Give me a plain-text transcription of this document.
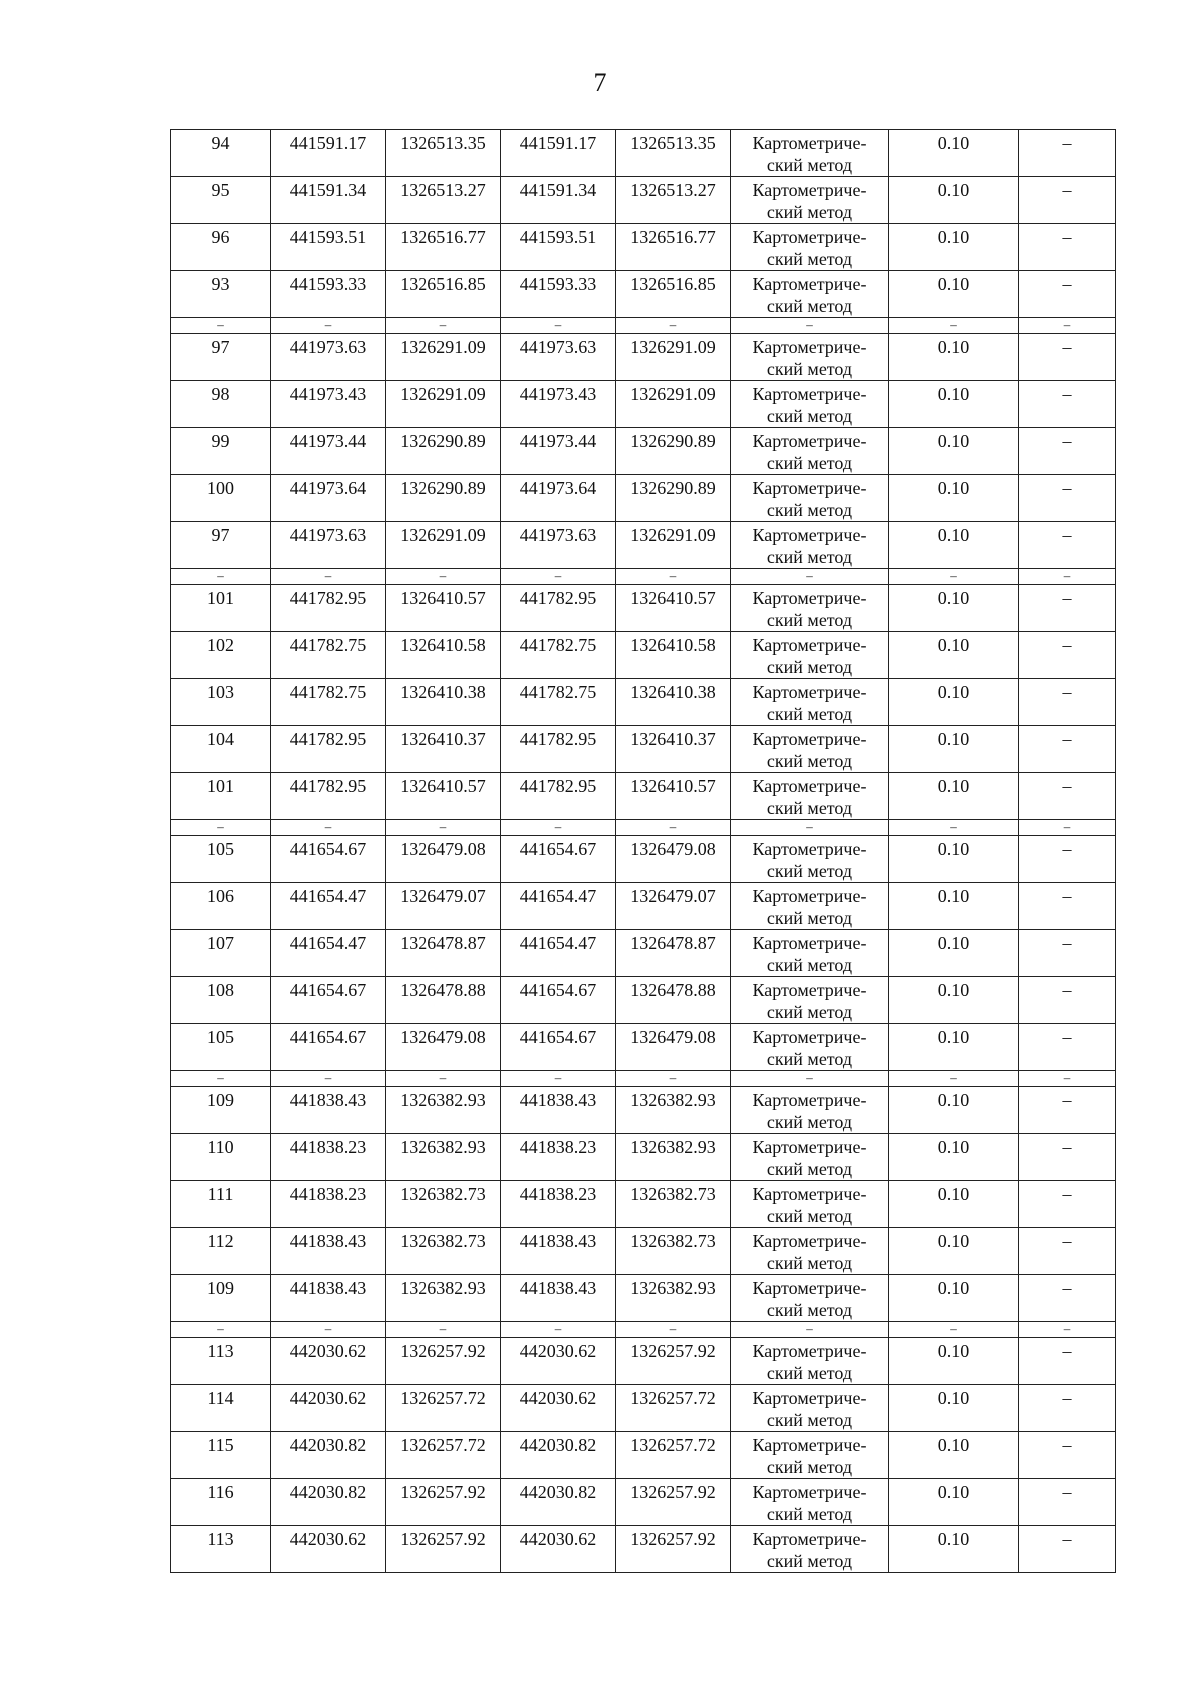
7
94	441591.17	1326513.35	441591.17	1326513.35	Картометриче-
ский метод	0.10	–
95	441591.34	1326513.27	441591.34	1326513.27	Картометриче-
ский метод	0.10	–
96	441593.51	1326516.77	441593.51	1326516.77	Картометриче-
ский метод	0.10	–
93	441593.33	1326516.85	441593.33	1326516.85	Картометриче-
ский метод	0.10	–
–	–	–	–	–	–	–	–
97	441973.63	1326291.09	441973.63	1326291.09	Картометриче-
ский метод	0.10	–
98	441973.43	1326291.09	441973.43	1326291.09	Картометриче-
ский метод	0.10	–
99	441973.44	1326290.89	441973.44	1326290.89	Картометриче-
ский метод	0.10	–
100	441973.64	1326290.89	441973.64	1326290.89	Картометриче-
ский метод	0.10	–
97	441973.63	1326291.09	441973.63	1326291.09	Картометриче-
ский метод	0.10	–
–	–	–	–	–	–	–	–
101	441782.95	1326410.57	441782.95	1326410.57	Картометриче-
ский метод	0.10	–
102	441782.75	1326410.58	441782.75	1326410.58	Картометриче-
ский метод	0.10	–
103	441782.75	1326410.38	441782.75	1326410.38	Картометриче-
ский метод	0.10	–
104	441782.95	1326410.37	441782.95	1326410.37	Картометриче-
ский метод	0.10	–
101	441782.95	1326410.57	441782.95	1326410.57	Картометриче-
ский метод	0.10	–
–	–	–	–	–	–	–	–
105	441654.67	1326479.08	441654.67	1326479.08	Картометриче-
ский метод	0.10	–
106	441654.47	1326479.07	441654.47	1326479.07	Картометриче-
ский метод	0.10	–
107	441654.47	1326478.87	441654.47	1326478.87	Картометриче-
ский метод	0.10	–
108	441654.67	1326478.88	441654.67	1326478.88	Картометриче-
ский метод	0.10	–
105	441654.67	1326479.08	441654.67	1326479.08	Картометриче-
ский метод	0.10	–
–	–	–	–	–	–	–	–
109	441838.43	1326382.93	441838.43	1326382.93	Картометриче-
ский метод	0.10	–
110	441838.23	1326382.93	441838.23	1326382.93	Картометриче-
ский метод	0.10	–
111	441838.23	1326382.73	441838.23	1326382.73	Картометриче-
ский метод	0.10	–
112	441838.43	1326382.73	441838.43	1326382.73	Картометриче-
ский метод	0.10	–
109	441838.43	1326382.93	441838.43	1326382.93	Картометриче-
ский метод	0.10	–
–	–	–	–	–	–	–	–
113	442030.62	1326257.92	442030.62	1326257.92	Картометриче-
ский метод	0.10	–
114	442030.62	1326257.72	442030.62	1326257.72	Картометриче-
ский метод	0.10	–
115	442030.82	1326257.72	442030.82	1326257.72	Картометриче-
ский метод	0.10	–
116	442030.82	1326257.92	442030.82	1326257.92	Картометриче-
ский метод	0.10	–
113	442030.62	1326257.92	442030.62	1326257.92	Картометриче-
ский метод	0.10	–
